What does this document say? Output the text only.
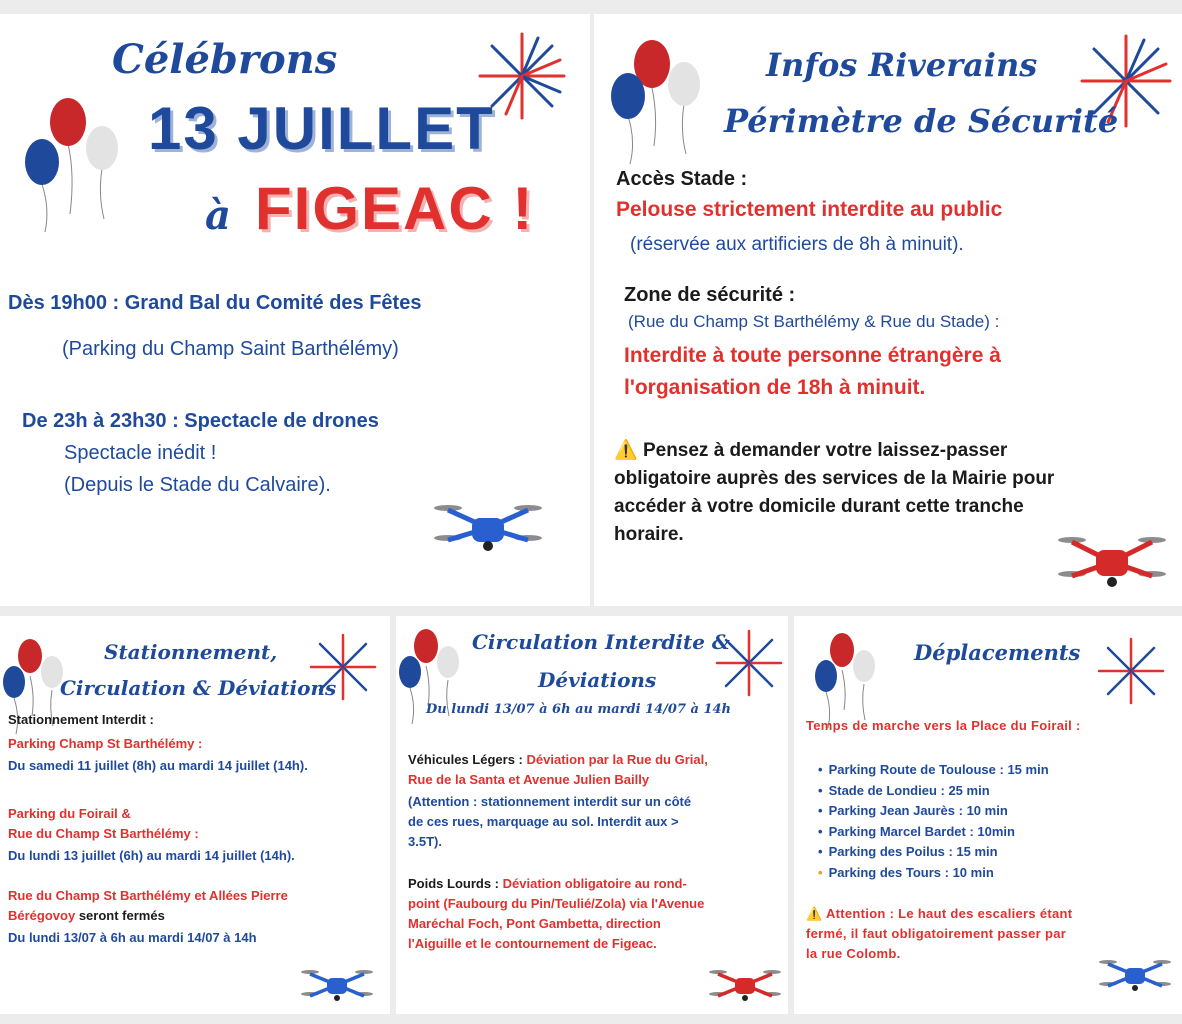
Célébrons
13 JUILLET
à FIGEAC !
Dès 19h00 : Grand Bal du Comité des Fêtes
(Parking du Champ Saint Barthélémy)
De 23h à 23h30 : Spectacle de drones
Spectacle inédit !
(Depuis le Stade du Calvaire).
Infos Riverains
Périmètre de Sécurité
Accès Stade :
Pelouse strictement interdite au public
(réservée aux artificiers de 8h à minuit).
Zone de sécurité :
(Rue du Champ St Barthélémy & Rue du Stade) :
Interdite à toute personne étrangère à
l'organisation de 18h à minuit.
⚠️ Pensez à demander votre laissez-passer
obligatoire auprès des services de la Mairie pour
accéder à votre domicile durant cette tranche
horaire.
Stationnement,
Circulation & Déviations
Stationnement Interdit :
Parking Champ St Barthélémy :
Du samedi 11 juillet (8h) au mardi 14 juillet (14h).
Parking du Foirail &
Rue du Champ St Barthélémy :
Du lundi 13 juillet (6h) au mardi 14 juillet (14h).
Rue du Champ St Barthélémy et Allées Pierre
Bérégovoy seront fermés
Du lundi 13/07 à 6h au mardi 14/07 à 14h
Circulation Interdite &
Déviations
Du lundi 13/07 à 6h au mardi 14/07 à 14h
Véhicules Légers : Déviation par la Rue du Grial,
Rue de la Santa et Avenue Julien Bailly
(Attention : stationnement interdit sur un côté
de ces rues, marquage au sol. Interdit aux >
3.5T).
Poids Lourds : Déviation obligatoire au rond-
point (Faubourg du Pin/Teulié/Zola) via l'Avenue
Maréchal Foch, Pont Gambetta, direction
l'Aiguille et le contournement de Figeac.
Déplacements
Temps de marche vers la Place du Foirail :
• Parking Route de Toulouse : 15 min
• Stade de Londieu : 25 min
• Parking Jean Jaurès : 10 min
• Parking Marcel Bardet : 10min
• Parking des Poilus : 15 min
• Parking des Tours : 10 min
⚠️ Attention : Le haut des escaliers étant
fermé, il faut obligatoirement passer par
la rue Colomb.
